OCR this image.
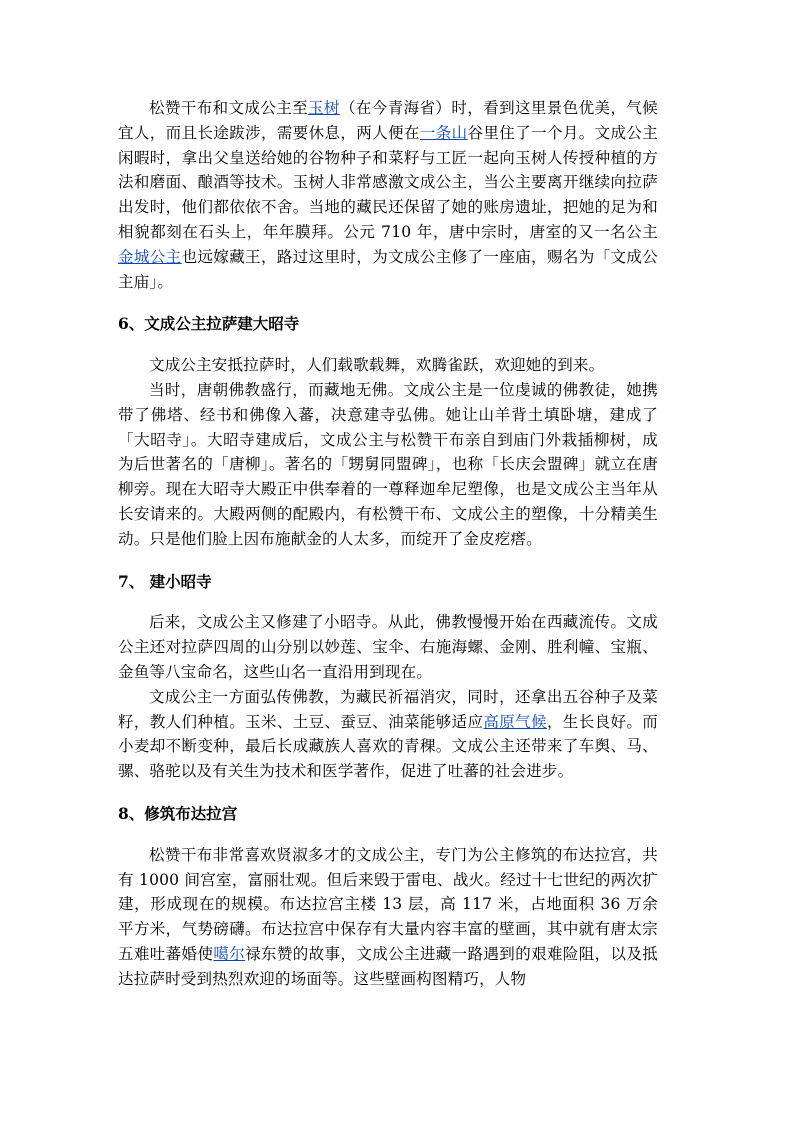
松赞干布和文成公主至玉树（在今青海省）时，看到这里景色优美，气候宜人，而且长途跋涉，需要休息，两人便在一条山谷里住了一个月。文成公主闲暇时，拿出父皇送给她的谷物种子和菜籽与工匠一起向玉树人传授种植的方法和磨面、酿酒等技术。玉树人非常感激文成公主，当公主要离开继续向拉萨出发时，他们都依依不舍。当地的藏民还保留了她的账房遗址，把她的足为和相貌都刻在石头上，年年膜拜。公元 710 年，唐中宗时，唐室的又一名公主金城公主也远嫁藏王，路过这里时，为文成公主修了一座庙，赐名为「文成公主庙」。

6、文成公主拉萨建大昭寺

文成公主安抵拉萨时，人们载歌载舞，欢腾雀跃，欢迎她的到来。

当时，唐朝佛教盛行，而藏地无佛。文成公主是一位虔诚的佛教徒，她携带了佛塔、经书和佛像入蕃，决意建寺弘佛。她让山羊背土填卧塘，建成了「大昭寺」。大昭寺建成后，文成公主与松赞干布亲自到庙门外栽插柳树，成为后世著名的「唐柳」。著名的「甥舅同盟碑」，也称「长庆会盟碑」就立在唐柳旁。现在大昭寺大殿正中供奉着的一尊释迦牟尼塑像，也是文成公主当年从长安请来的。大殿两侧的配殿内，有松赞干布、文成公主的塑像，十分精美生动。只是他们脸上因布施献金的人太多，而绽开了金皮疙瘩。

7、 建小昭寺

后来，文成公主又修建了小昭寺。从此，佛教慢慢开始在西藏流传。文成公主还对拉萨四周的山分别以妙莲、宝伞、右施海螺、金刚、胜利幢、宝瓶、金鱼等八宝命名，这些山名一直沿用到现在。

文成公主一方面弘传佛教，为藏民祈福消灾，同时，还拿出五谷种子及菜籽，教人们种植。玉米、土豆、蚕豆、油菜能够适应高原气候，生长良好。而小麦却不断变种，最后长成藏族人喜欢的青稞。文成公主还带来了车舆、马、骡、骆驼以及有关生为技术和医学著作，促进了吐蕃的社会进步。

8、修筑布达拉宫

松赞干布非常喜欢贤淑多才的文成公主，专门为公主修筑的布达拉宫，共有 1000 间宫室，富丽壮观。但后来毁于雷电、战火。经过十七世纪的两次扩建，形成现在的规模。布达拉宫主楼 13 层，高 117 米，占地面积 36 万余平方米，气势磅礴。布达拉宫中保存有大量内容丰富的壁画，其中就有唐太宗五难吐蕃婚使噶尔禄东赞的故事，文成公主进藏一路遇到的艰难险阻，以及抵达拉萨时受到热烈欢迎的场面等。这些壁画构图精巧，人物
